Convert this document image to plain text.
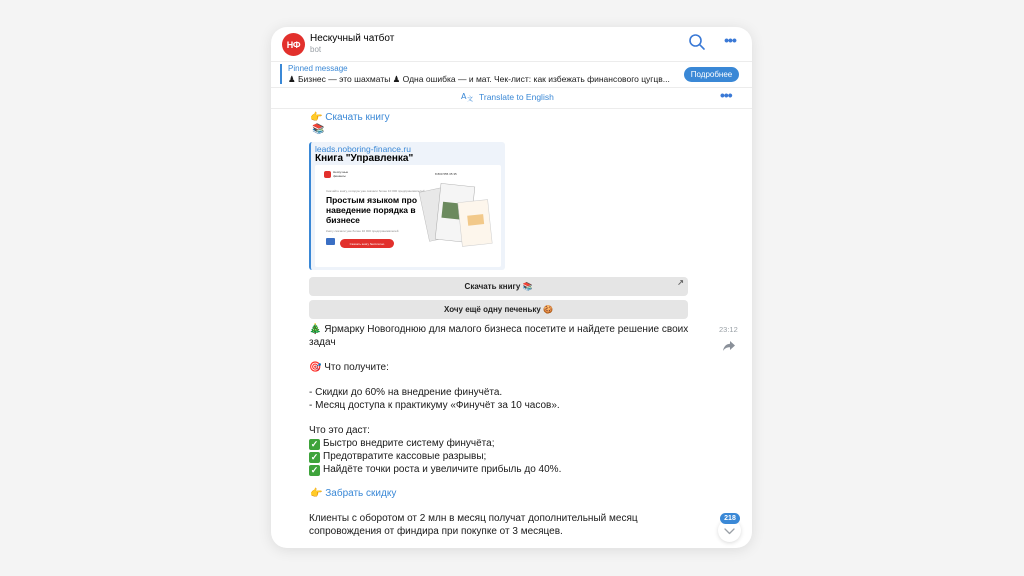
НФ
Нескучный чатбот
bot
•••
Pinned message
♟ Бизнес — это шахматы ♟ Одна ошибка — и мат. Чек-лист: как избежать финансового цугцв...	Подробнее
A 文 Translate to English	•••
👉 Скачать книгу
📚
leads.noboring-finance.ru
Книга "Управленка"
Нескучные финансы	8 800 555 35 35
Скачайте книгу, которую уже скачали более 10 000 предпринимателей
Простым языком про наведение порядка в бизнесе
Книгу скачали уже более 10 000 предпринимателей
Скачать книгу бесплатно
Скачать книгу 📚	↗
Хочу ещё одну печеньку 🍪
🎄 Ярмарку Новогоднюю для малого бизнеса посетите и найдете решение своих
задач
23:12
🎯 Что получите:
- Скидки до 60% на внедрение финучёта.
- Месяц доступа к практикуму «Финучёт за 10 часов».
Что это даст:
✓ Быстро внедрите систему финучёта;
✓ Предотвратите кассовые разрывы;
✓ Найдёте точки роста и увеличите прибыль до 40%.
👉 Забрать скидку
Клиенты с оборотом от 2 млн в месяц получат дополнительный месяц
сопровождения от финдира при покупке от 3 месяцев.
218
